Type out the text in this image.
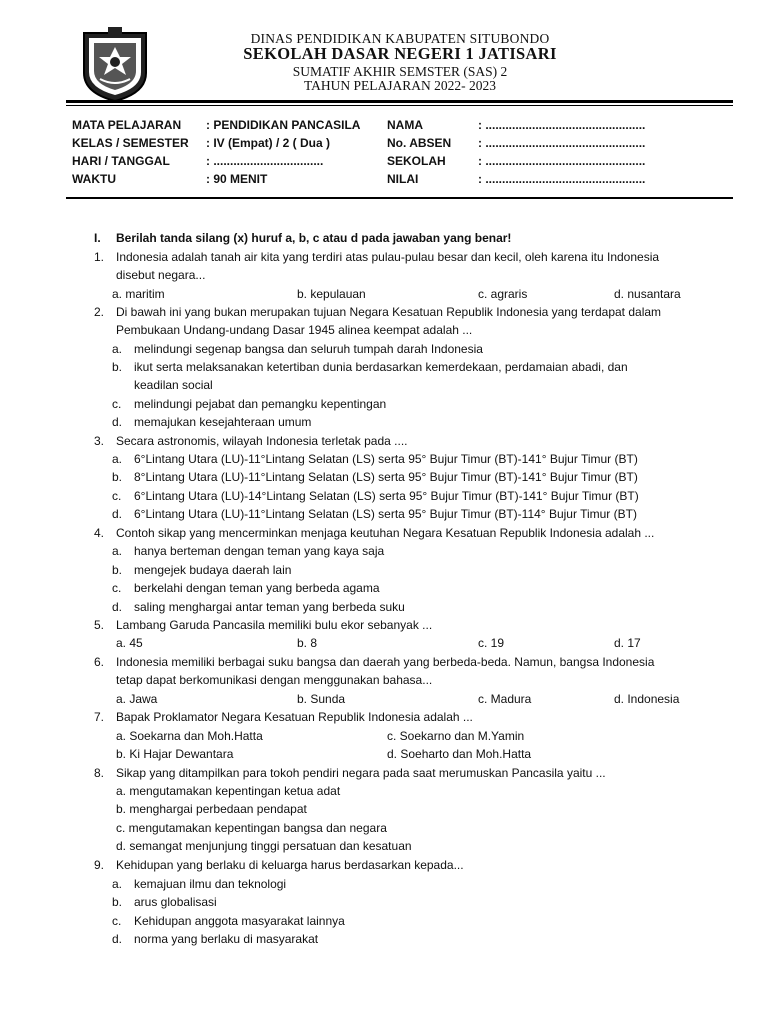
DINAS PENDIDIKAN KABUPATEN SITUBONDO
SEKOLAH DASAR NEGERI 1 JATISARI
SUMATIF AKHIR SEMSTER (SAS) 2
TAHUN PELAJARAN 2022- 2023
MATA PELAJARAN : PENDIDIKAN PANCASILA NAMA	: ................................................
KELAS / SEMESTER : IV (Empat) / 2 ( Dua )	No. ABSEN : ................................................
HARI / TANGGAL	: .................................	SEKOLAH	: ................................................
WAKTU	: 90 MENIT	NILAI	: ................................................
I. Berilah tanda silang (x) huruf a, b, c atau d pada jawaban yang benar!
1. Indonesia adalah tanah air kita yang terdiri atas pulau-pulau besar dan kecil, oleh karena itu Indonesia
disebut negara...
a. maritim	b. kepulauan	c. agraris	d. nusantara
2. Di bawah ini yang bukan merupakan tujuan Negara Kesatuan Republik Indonesia yang terdapat dalam
Pembukaan Undang-undang Dasar 1945 alinea keempat adalah ...
a. melindungi segenap bangsa dan seluruh tumpah darah Indonesia
b. ikut serta melaksanakan ketertiban dunia berdasarkan kemerdekaan, perdamaian abadi, dan
keadilan social
c. melindungi pejabat dan pemangku kepentingan
d. memajukan kesejahteraan umum
3. Secara astronomis, wilayah Indonesia terletak pada ....
a. 6°Lintang Utara (LU)-11°Lintang Selatan (LS) serta 95° Bujur Timur (BT)-141° Bujur Timur (BT)
b. 8°Lintang Utara (LU)-11°Lintang Selatan (LS) serta 95° Bujur Timur (BT)-141° Bujur Timur (BT)
c. 6°Lintang Utara (LU)-14°Lintang Selatan (LS) serta 95° Bujur Timur (BT)-141° Bujur Timur (BT)
d. 6°Lintang Utara (LU)-11°Lintang Selatan (LS) serta 95° Bujur Timur (BT)-114° Bujur Timur (BT)
4. Contoh sikap yang mencerminkan menjaga keutuhan Negara Kesatuan Republik Indonesia adalah ...
a. hanya berteman dengan teman yang kaya saja
b. mengejek budaya daerah lain
c. berkelahi dengan teman yang berbeda agama
d. saling menghargai antar teman yang berbeda suku
5. Lambang Garuda Pancasila memiliki bulu ekor sebanyak ...
a. 45	b. 8	c. 19	d. 17
6. Indonesia memiliki berbagai suku bangsa dan daerah yang berbeda-beda. Namun, bangsa Indonesia
tetap dapat berkomunikasi dengan menggunakan bahasa...
a. Jawa	b. Sunda	c. Madura	d. Indonesia
7. Bapak Proklamator Negara Kesatuan Republik Indonesia adalah ...
a. Soekarna dan Moh.Hatta	c. Soekarno dan M.Yamin
b. Ki Hajar Dewantara	d. Soeharto dan Moh.Hatta
8. Sikap yang ditampilkan para tokoh pendiri negara pada saat merumuskan Pancasila yaitu ...
a. mengutamakan kepentingan ketua adat
b. menghargai perbedaan pendapat
c. mengutamakan kepentingan bangsa dan negara
d. semangat menjunjung tinggi persatuan dan kesatuan
9. Kehidupan yang berlaku di keluarga harus berdasarkan kepada...
a. kemajuan ilmu dan teknologi
b. arus globalisasi
c. Kehidupan anggota masyarakat lainnya
d. norma yang berlaku di masyarakat
